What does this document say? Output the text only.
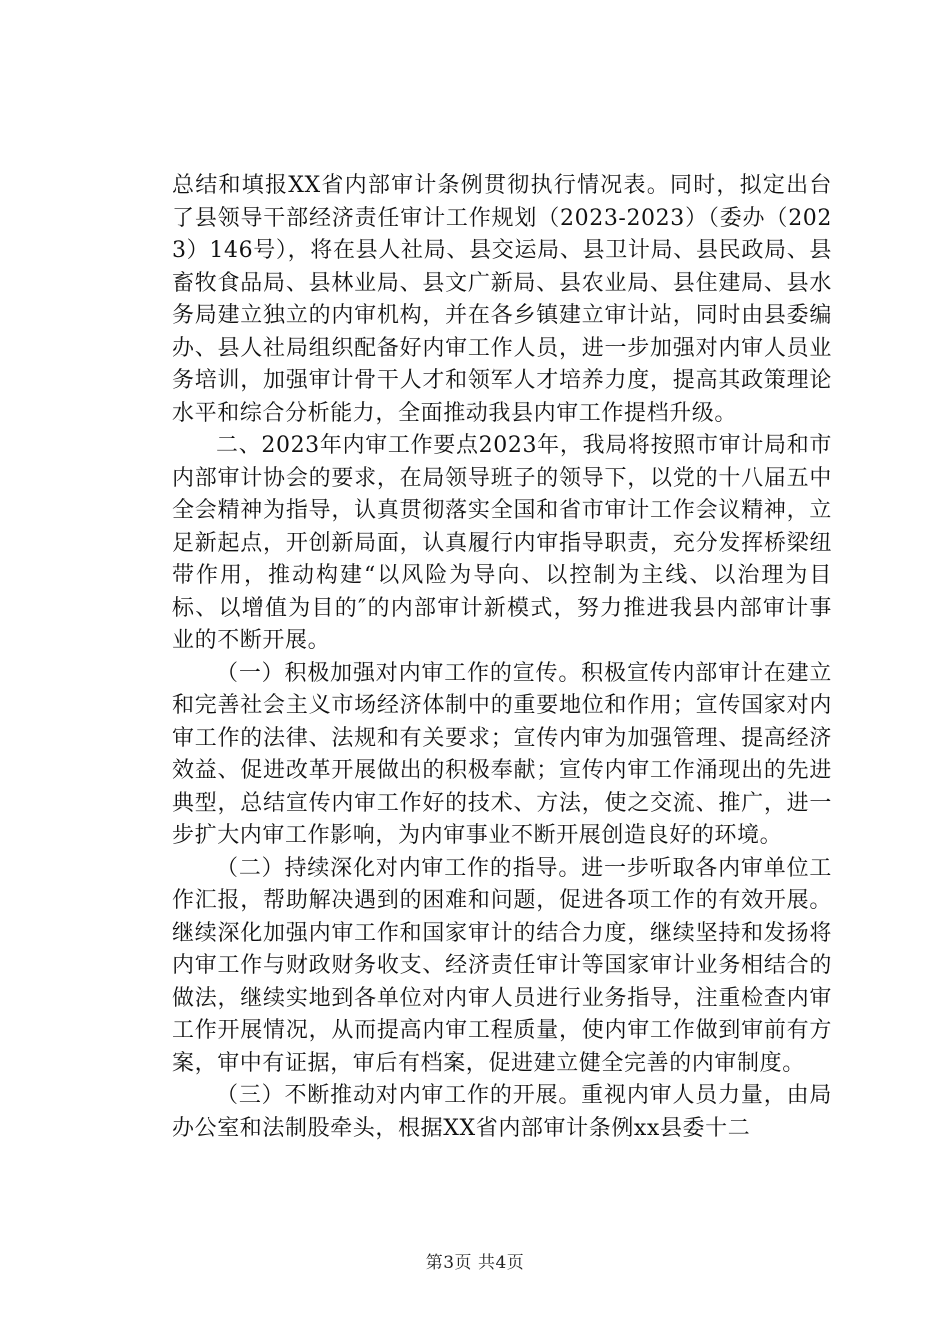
总结和填报XX省内部审计条例贯彻执行情况表。同时，拟定出台了县领导干部经济责任审计工作规划（2023-2023）（委办（2023）146号），将在县人社局、县交运局、县卫计局、县民政局、县畜牧食品局、县林业局、县文广新局、县农业局、县住建局、县水务局建立独立的内审机构，并在各乡镇建立审计站，同时由县委编办、县人社局组织配备好内审工作人员，进一步加强对内审人员业务培训，加强审计骨干人才和领军人才培养力度，提高其政策理论水平和综合分析能力，全面推动我县内审工作提档升级。

二、2023年内审工作要点2023年，我局将按照市审计局和市内部审计协会的要求，在局领导班子的领导下，以党的十八届五中全会精神为指导，认真贯彻落实全国和省市审计工作会议精神，立足新起点，开创新局面，认真履行内审指导职责，充分发挥桥梁纽带作用，推动构建“以风险为导向、以控制为主线、以治理为目标、以增值为目的″的内部审计新模式，努力推进我县内部审计事业的不断开展。

（一）积极加强对内审工作的宣传。积极宣传内部审计在建立和完善社会主义市场经济体制中的重要地位和作用；宣传国家对内审工作的法律、法规和有关要求；宣传内审为加强管理、提高经济效益、促进改革开展做出的积极奉献；宣传内审工作涌现出的先进典型，总结宣传内审工作好的技术、方法，使之交流、推广，进一步扩大内审工作影响，为内审事业不断开展创造良好的环境。

（二）持续深化对内审工作的指导。进一步听取各内审单位工作汇报，帮助解决遇到的困难和问题，促进各项工作的有效开展。继续深化加强内审工作和国家审计的结合力度，继续坚持和发扬将内审工作与财政财务收支、经济责任审计等国家审计业务相结合的做法，继续实地到各单位对内审人员进行业务指导，注重检查内审工作开展情况，从而提高内审工程质量，使内审工作做到审前有方案，审中有证据，审后有档案，促进建立健全完善的内审制度。

（三）不断推动对内审工作的开展。重视内审人员力量，由局办公室和法制股牵头，根据XX省内部审计条例xx县委十二

第3页 共4页
